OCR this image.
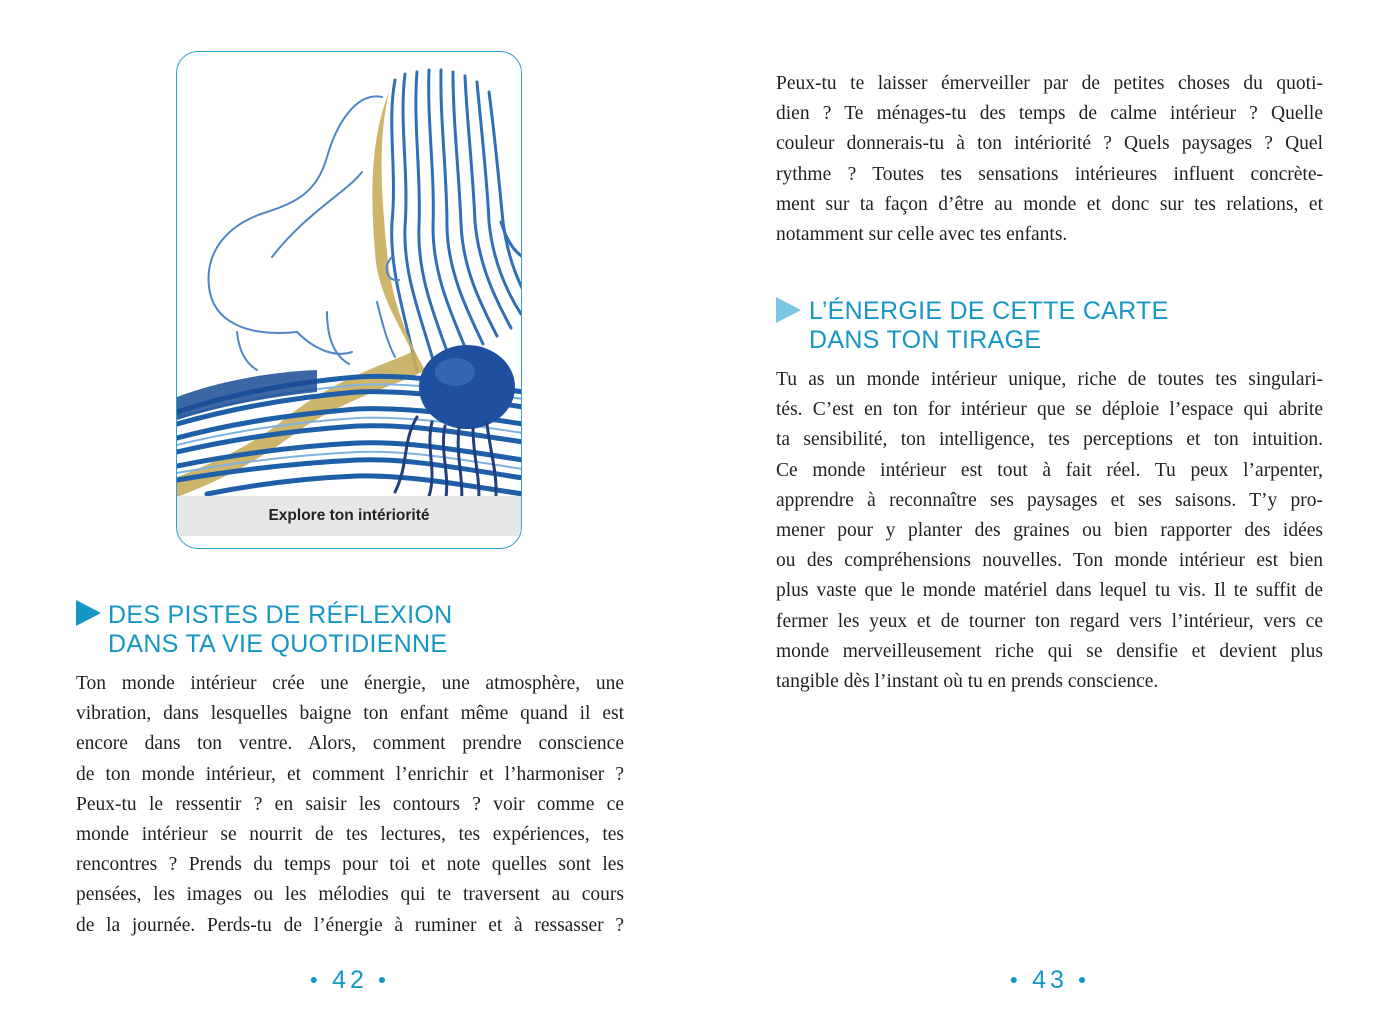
Explore ton intériorité
DES PISTES DE RÉFLEXION
DANS TA VIE QUOTIDIENNE
Ton monde intérieur crée une énergie, une atmosphère, une
vibration, dans lesquelles baigne ton enfant même quand il est
encore dans ton ventre. Alors, comment prendre conscience
de ton monde intérieur, et comment l’enrichir et l’harmoniser ?
Peux-tu le ressentir ? en saisir les contours ? voir comme ce
monde intérieur se nourrit de tes lectures, tes expériences, tes
rencontres ? Prends du temps pour toi et note quelles sont les
pensées, les images ou les mélodies qui te traversent au cours
de la journée. Perds-tu de l’énergie à ruminer et à ressasser ?
● 42 ●
Peux-tu te laisser émerveiller par de petites choses du quoti-
dien ? Te ménages-tu des temps de calme intérieur ? Quelle
couleur donnerais-tu à ton intériorité ? Quels paysages ? Quel
rythme ? Toutes tes sensations intérieures influent concrète-
ment sur ta façon d’être au monde et donc sur tes relations, et
notamment sur celle avec tes enfants.
L’ÉNERGIE DE CETTE CARTE
DANS TON TIRAGE
Tu as un monde intérieur unique, riche de toutes tes singulari-
tés. C’est en ton for intérieur que se déploie l’espace qui abrite
ta sensibilité, ton intelligence, tes perceptions et ton intuition.
Ce monde intérieur est tout à fait réel. Tu peux l’arpenter,
apprendre à reconnaître ses paysages et ses saisons. T’y pro-
mener pour y planter des graines ou bien rapporter des idées
ou des compréhensions nouvelles. Ton monde intérieur est bien
plus vaste que le monde matériel dans lequel tu vis. Il te suffit de
fermer les yeux et de tourner ton regard vers l’intérieur, vers ce
monde merveilleusement riche qui se densifie et devient plus
tangible dès l’instant où tu en prends conscience.
● 43 ●
